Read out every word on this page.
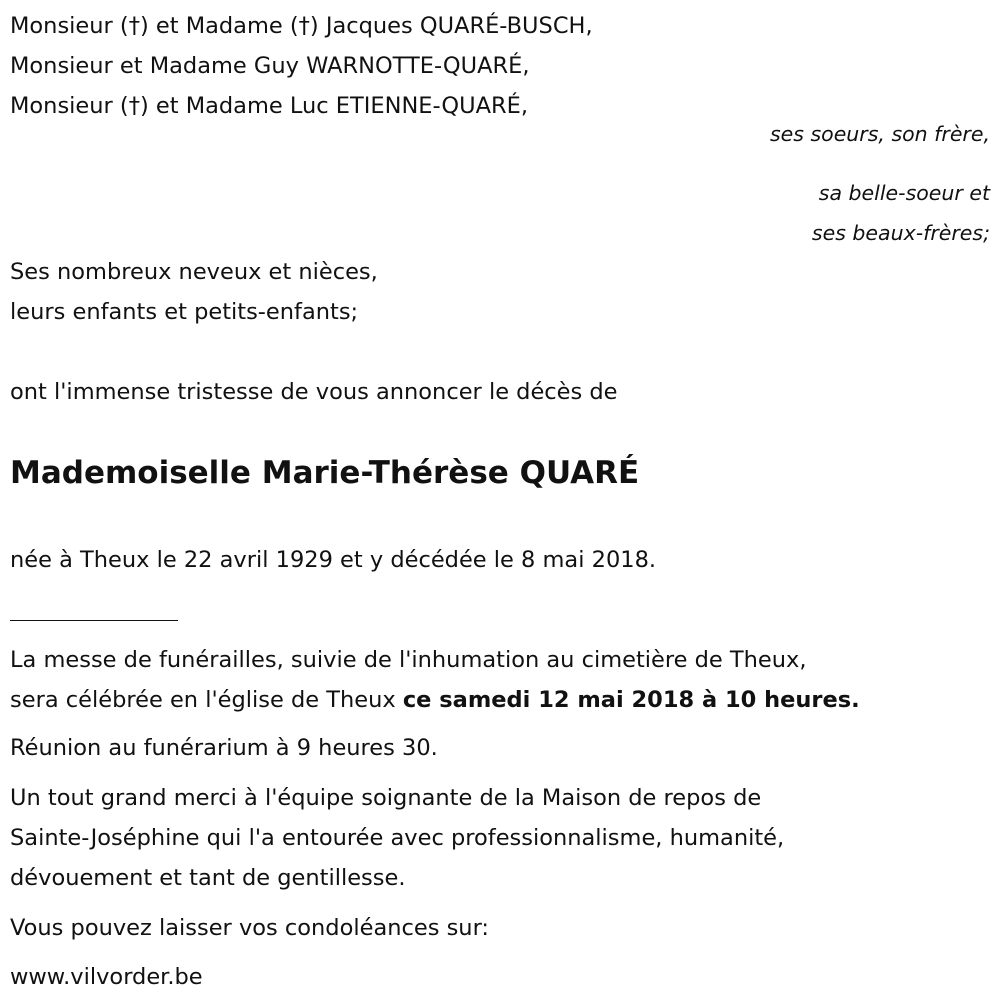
Monsieur (†) et Madame (†) Jacques QUARÉ-BUSCH,
Monsieur et Madame Guy WARNOTTE-QUARÉ,
Monsieur (†) et Madame Luc ETIENNE-QUARÉ,
ses soeurs, son frère,
sa belle-soeur et
ses beaux-frères;
Ses nombreux neveux et nièces,
leurs enfants et petits-enfants;
ont l'immense tristesse de vous annoncer le décès de
Mademoiselle Marie-Thérèse QUARÉ
née à Theux le 22 avril 1929 et y décédée le 8 mai 2018.
La messe de funérailles, suivie de l'inhumation au cimetière de Theux,
sera célébrée en l'église de Theux ce samedi 12 mai 2018 à 10 heures.
Réunion au funérarium à 9 heures 30.
Un tout grand merci à l'équipe soignante de la Maison de repos de
Sainte-Joséphine qui l'a entourée avec professionnalisme, humanité,
dévouement et tant de gentillesse.
Vous pouvez laisser vos condoléances sur:
www.vilvorder.be
